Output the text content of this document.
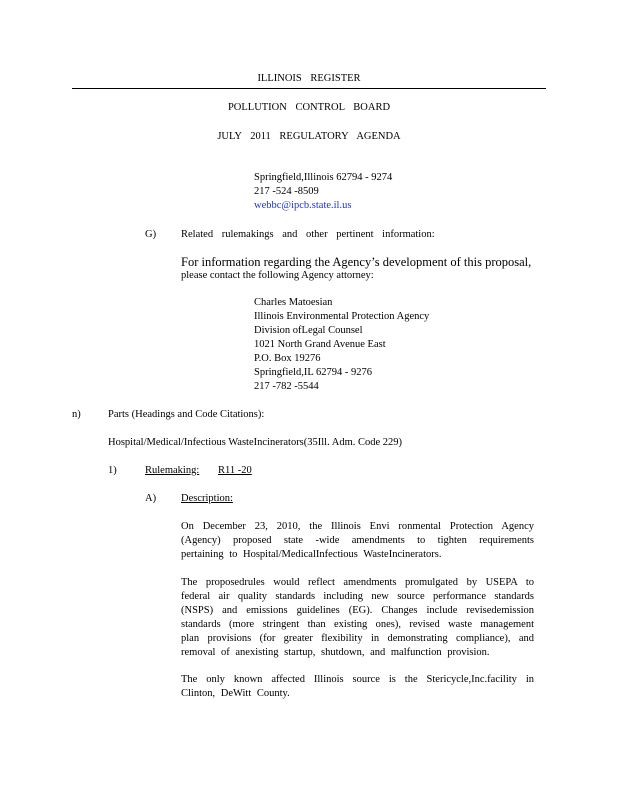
ILLINOIS REGISTER
POLLUTION CONTROL BOARD
JULY 2011 REGULATORY AGENDA
Springfield,Illinois 62794 - 9274
217 -524 -8509
webbc@ipcb.state.il.us
G) Related rulemakings and other pertinent information:
For information regarding the Agency’s development of this proposal,
please contact the following Agency attorney:
Charles Matoesian
Illinois Environmental Protection Agency
Division ofLegal Counsel
1021 North Grand Avenue East
P.O. Box 19276
Springfield,IL 62794 - 9276
217 -782 -5544
n)	Parts (Headings and Code Citations):
Hospital/Medical/Infectious WasteIncinerators(35Ill. Adm. Code 229)
1)	Rulemaking:	R11 -20
A) Description:
On December 23, 2010, the Illinois Envi ronmental Protection Agency (Agency) proposed state -wide amendments to tighten requirements pertaining to Hospital/MedicalInfectious WasteIncinerators.
The proposedrules would reflect amendments promulgated by USEPA to federal air quality standards including new source performance standards (NSPS) and emissions guidelines (EG). Changes include revisedemission standards (more stringent than existing ones), revised waste management plan provisions (for greater flexibility in demonstrating compliance), and removal of anexisting startup, shutdown, and malfunction provision.
The only known affected Illinois source is the Stericycle,Inc.facility in Clinton, DeWitt County.
